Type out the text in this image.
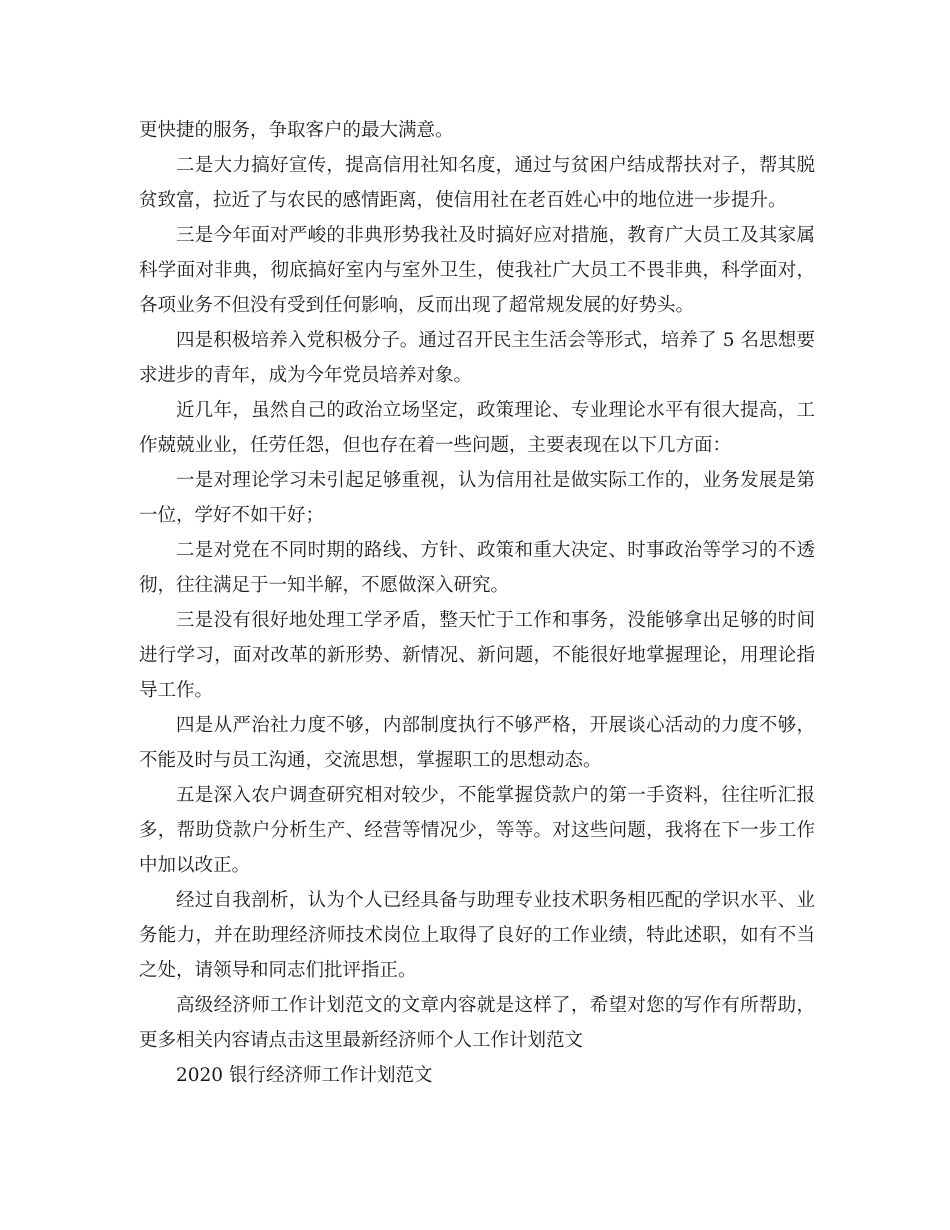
更快捷的服务，争取客户的最大满意。

二是大力搞好宣传，提高信用社知名度，通过与贫困户结成帮扶对子，帮其脱贫致富，拉近了与农民的感情距离，使信用社在老百姓心中的地位进一步提升。

三是今年面对严峻的非典形势我社及时搞好应对措施，教育广大员工及其家属科学面对非典，彻底搞好室内与室外卫生，使我社广大员工不畏非典，科学面对，各项业务不但没有受到任何影响，反而出现了超常规发展的好势头。

四是积极培养入党积极分子。通过召开民主生活会等形式，培养了 5 名思想要求进步的青年，成为今年党员培养对象。

近几年，虽然自己的政治立场坚定，政策理论、专业理论水平有很大提高，工作兢兢业业，任劳任怨，但也存在着一些问题，主要表现在以下几方面：

一是对理论学习未引起足够重视，认为信用社是做实际工作的，业务发展是第一位，学好不如干好；

二是对党在不同时期的路线、方针、政策和重大决定、时事政治等学习的不透彻，往往满足于一知半解，不愿做深入研究。

三是没有很好地处理工学矛盾，整天忙于工作和事务，没能够拿出足够的时间进行学习，面对改革的新形势、新情况、新问题，不能很好地掌握理论，用理论指导工作。

四是从严治社力度不够，内部制度执行不够严格，开展谈心活动的力度不够，不能及时与员工沟通，交流思想，掌握职工的思想动态。

五是深入农户调查研究相对较少，不能掌握贷款户的第一手资料，往往听汇报多，帮助贷款户分析生产、经营等情况少，等等。对这些问题，我将在下一步工作中加以改正。

经过自我剖析，认为个人已经具备与助理专业技术职务相匹配的学识水平、业务能力，并在助理经济师技术岗位上取得了良好的工作业绩，特此述职，如有不当之处，请领导和同志们批评指正。

高级经济师工作计划范文的文章内容就是这样了，希望对您的写作有所帮助，更多相关内容请点击这里最新经济师个人工作计划范文

2020 银行经济师工作计划范文
